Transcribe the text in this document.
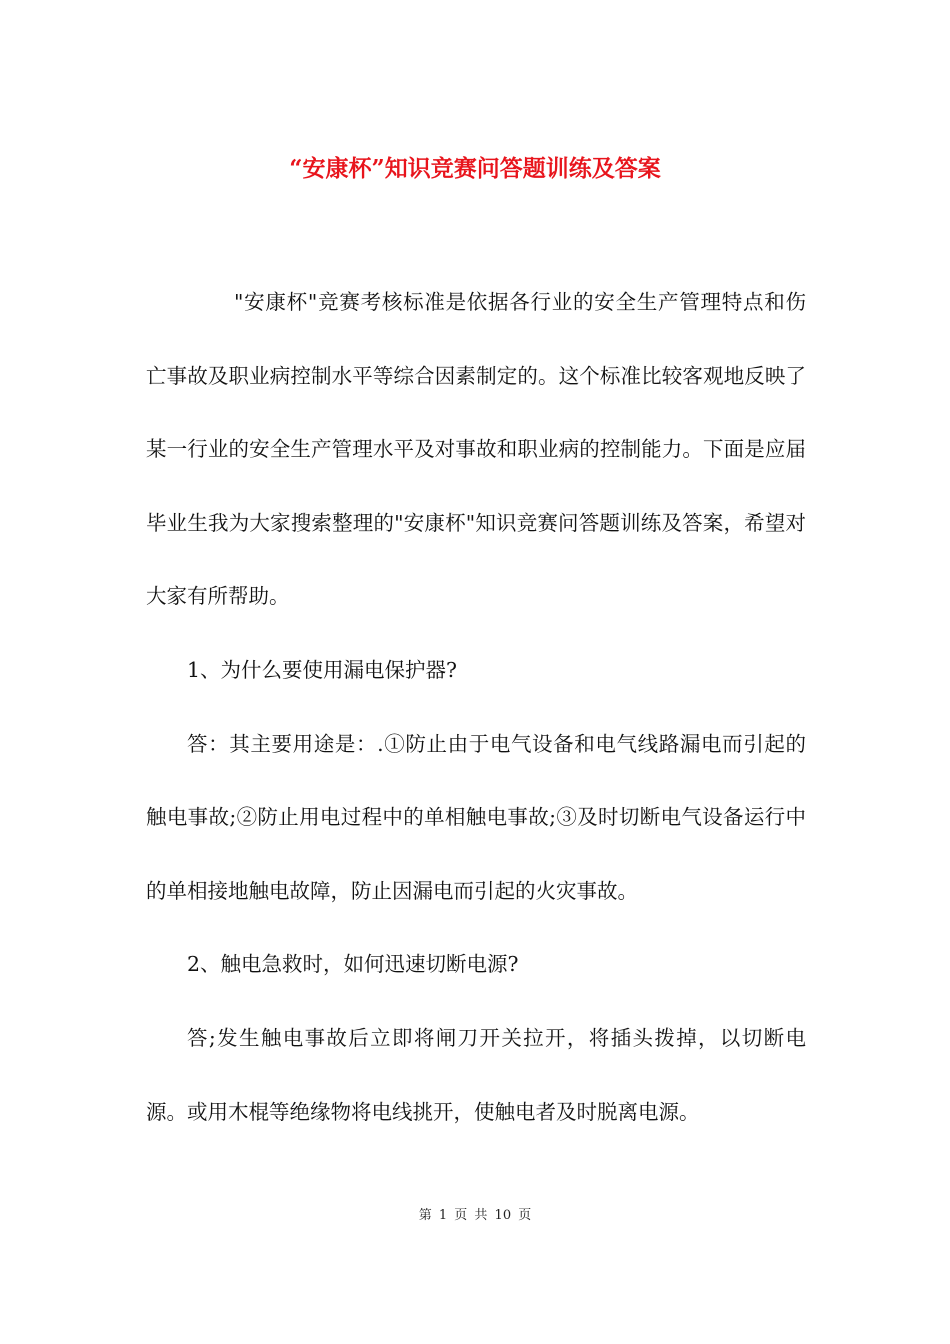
“安康杯”知识竞赛问答题训练及答案

"安康杯"竞赛考核标准是依据各行业的安全生产管理特点和伤亡事故及职业病控制水平等综合因素制定的。这个标准比较客观地反映了某一行业的安全生产管理水平及对事故和职业病的控制能力。下面是应届毕业生我为大家搜索整理的"安康杯"知识竞赛问答题训练及答案，希望对大家有所帮助。

1、为什么要使用漏电保护器?

答：其主要用途是：.①防止由于电气设备和电气线路漏电而引起的触电事故;②防止用电过程中的单相触电事故;③及时切断电气设备运行中的单相接地触电故障，防止因漏电而引起的火灾事故。

2、触电急救时，如何迅速切断电源?

答;发生触电事故后立即将闸刀开关拉开，将插头拨掉，以切断电源。或用木棍等绝缘物将电线挑开，使触电者及时脱离电源。

第 1 页 共 10 页
